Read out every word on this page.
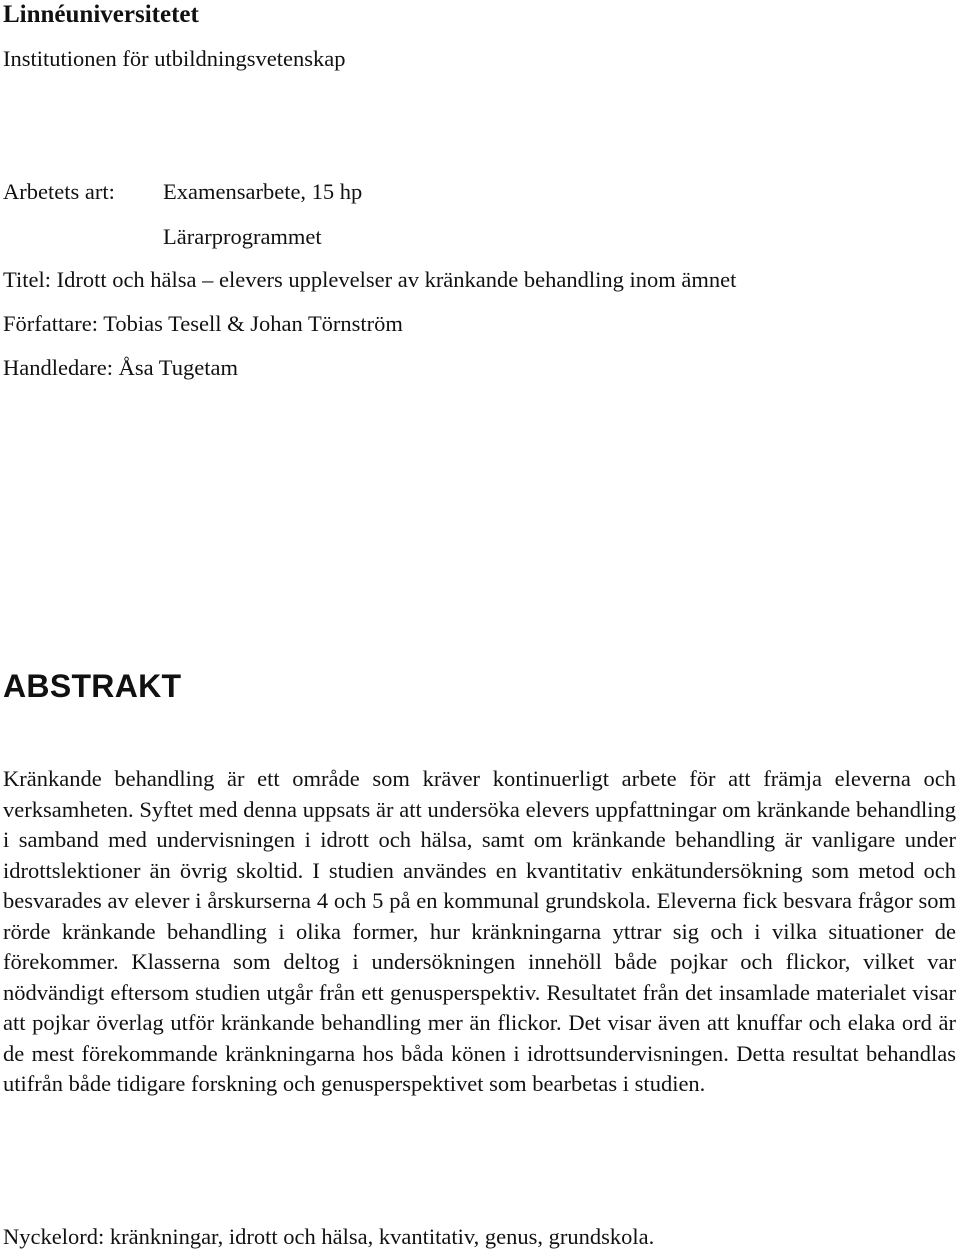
Linnéuniversitetet
Institutionen för utbildningsvetenskap
Arbetets art: Examensarbete, 15 hp
Lärarprogrammet
Titel: Idrott och hälsa – elevers upplevelser av kränkande behandling inom ämnet
Författare: Tobias Tesell & Johan Törnström
Handledare: Åsa Tugetam
ABSTRAKT

Kränkande behandling är ett område som kräver kontinuerligt arbete för att främja eleverna och verksamheten. Syftet med denna uppsats är att undersöka elevers uppfattningar om kränkande behandling i samband med undervisningen i idrott och hälsa, samt om kränkande behandling är vanligare under idrottslektioner än övrig skoltid. I studien användes en kvantitativ enkätundersökning som metod och besvarades av elever i årskurserna 4 och 5 på en kommunal grundskola. Eleverna fick besvara frågor som rörde kränkande behandling i olika former, hur kränkningarna yttrar sig och i vilka situationer de förekommer. Klasserna som deltog i undersökningen innehöll både pojkar och flickor, vilket var nödvändigt eftersom studien utgår från ett genusperspektiv. Resultatet från det insamlade materialet visar att pojkar överlag utför kränkande behandling mer än flickor. Det visar även att knuffar och elaka ord är de mest förekommande kränkningarna hos båda könen i idrottsundervisningen. Detta resultat behandlas utifrån både tidigare forskning och genusperspektivet som bearbetas i studien.

Nyckelord: kränkningar, idrott och hälsa, kvantitativ, genus, grundskola.
